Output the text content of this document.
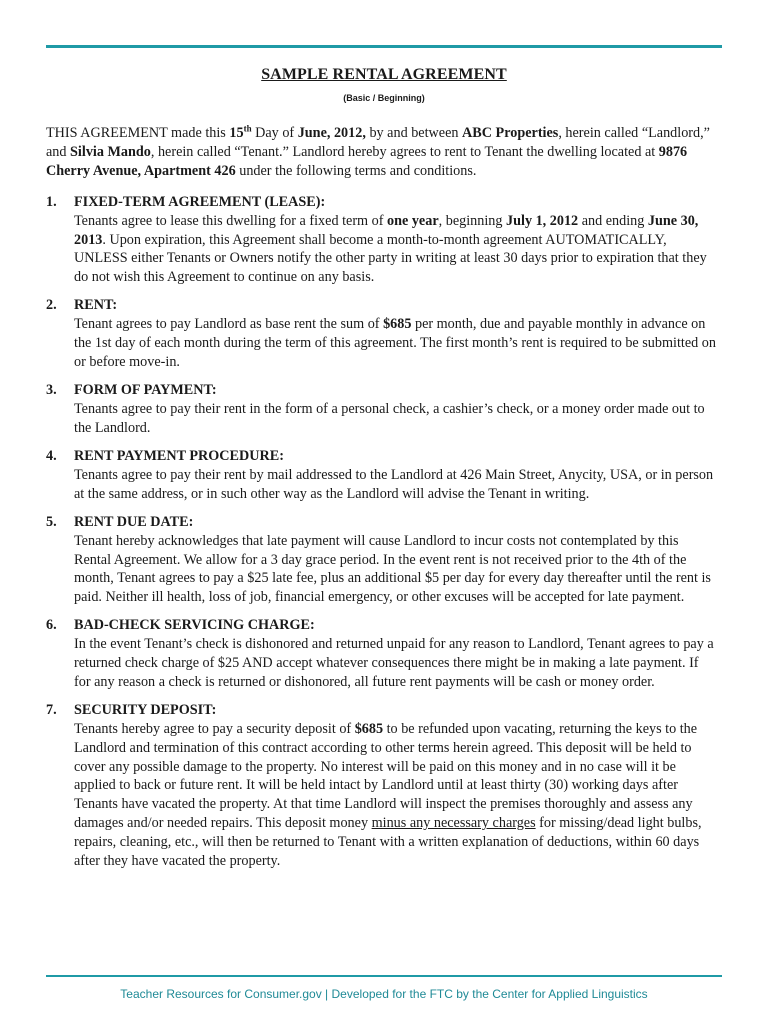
SAMPLE RENTAL AGREEMENT
(Basic / Beginning)
THIS AGREEMENT made this 15th Day of June, 2012, by and between ABC Properties, herein called “Landlord,” and Silvia Mando, herein called “Tenant.” Landlord hereby agrees to rent to Tenant the dwelling located at 9876 Cherry Avenue, Apartment 426 under the following terms and conditions.
1. FIXED-TERM AGREEMENT (LEASE):

Tenants agree to lease this dwelling for a fixed term of one year, beginning July 1, 2012 and ending June 30, 2013. Upon expiration, this Agreement shall become a month-to-month agreement AUTOMATICALLY, UNLESS either Tenants or Owners notify the other party in writing at least 30 days prior to expiration that they do not wish this Agreement to continue on any basis.

2. RENT:

Tenant agrees to pay Landlord as base rent the sum of $685 per month, due and payable monthly in advance on the 1st day of each month during the term of this agreement. The first month’s rent is required to be submitted on or before move-in.

3. FORM OF PAYMENT:

Tenants agree to pay their rent in the form of a personal check, a cashier’s check, or a money order made out to the Landlord.

4. RENT PAYMENT PROCEDURE:

Tenants agree to pay their rent by mail addressed to the Landlord at 426 Main Street, Anycity, USA, or in person at the same address, or in such other way as the Landlord will advise the Tenant in writing.

5. RENT DUE DATE:

Tenant hereby acknowledges that late payment will cause Landlord to incur costs not contemplated by this Rental Agreement. We allow for a 3 day grace period. In the event rent is not received prior to the 4th of the month, Tenant agrees to pay a $25 late fee, plus an additional $5 per day for every day thereafter until the rent is paid. Neither ill health, loss of job, financial emergency, or other excuses will be accepted for late payment.

6. BAD-CHECK SERVICING CHARGE:

In the event Tenant’s check is dishonored and returned unpaid for any reason to Landlord, Tenant agrees to pay a returned check charge of $25 AND accept whatever consequences there might be in making a late payment. If for any reason a check is returned or dishonored, all future rent payments will be cash or money order.

7. SECURITY DEPOSIT:

Tenants hereby agree to pay a security deposit of $685 to be refunded upon vacating, returning the keys to the Landlord and termination of this contract according to other terms herein agreed. This deposit will be held to cover any possible damage to the property. No interest will be paid on this money and in no case will it be applied to back or future rent. It will be held intact by Landlord until at least thirty (30) working days after Tenants have vacated the property. At that time Landlord will inspect the premises thoroughly and assess any damages and/or needed repairs. This deposit money minus any necessary charges for missing/dead light bulbs, repairs, cleaning, etc., will then be returned to Tenant with a written explanation of deductions, within 60 days after they have vacated the property.

Teacher Resources for Consumer.gov | Developed for the FTC by the Center for Applied Linguistics
